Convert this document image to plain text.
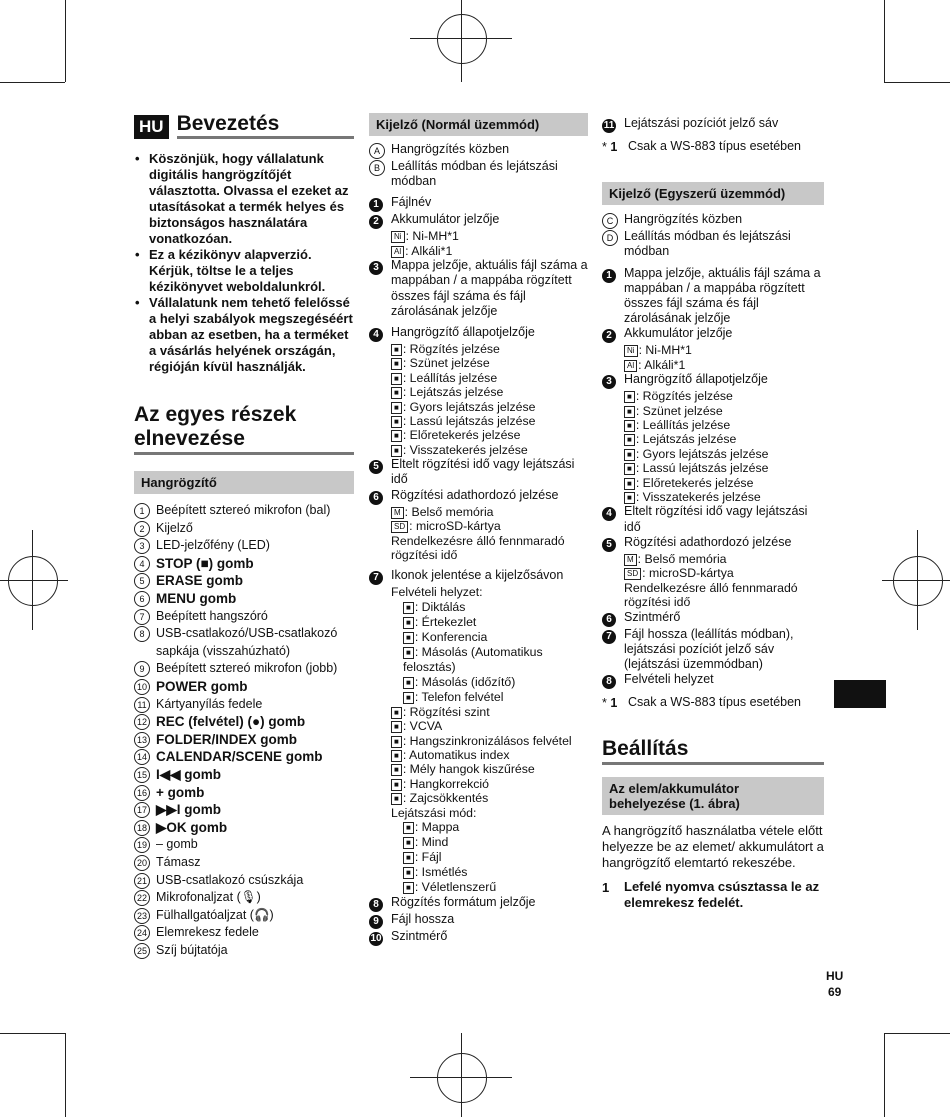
HU Bevezetés
• Köszönjük, hogy vállalatunk digitális hangrögzítőjét választotta. Olvassa el ezeket az utasításokat a termék helyes és biztonságos használatára vonatkozóan.
• Ez a kézikönyv alapverzió. Kérjük, töltse le a teljes kézikönyvet weboldalunkról.
• Vállalatunk nem tehető felelőssé a helyi szabályok megszegéséért abban az esetben, ha a terméket a vásárlás helyének országán, régióján kívül használják.
Az egyes részek elnevezése
Hangrögzítő
1 Beépített sztereó mikrofon (bal)
2 Kijelző
3 LED-jelzőfény (LED)
4 STOP (■) gomb
5 ERASE gomb
6 MENU gomb
7 Beépített hangszóró
8 USB-csatlakozó/USB-csatlakozó sapkája (visszahúzható)
9 Beépített sztereó mikrofon (jobb)
10 POWER gomb
11 Kártyanyílás fedele
12 REC (felvétel) (●) gomb
13 FOLDER/INDEX gomb
14 CALENDAR/SCENE gomb
15 I◀◀ gomb
16 + gomb
17 ▶▶I gomb
18 ▶OK gomb
19 – gomb
20 Támasz
21 USB-csatlakozó csúszkája
22 Mikrofonaljzat (🎙)
23 Fülhallgatóaljzat (🎧)
24 Elemrekesz fedele
25 Szíj bújtatója
Kijelző (Normál üzemmód)
A Hangrögzítés közben
B Leállítás módban és lejátszási módban
1 Fájlnév
2 Akkumulátor jelzője
Ni : Ni-MH*1
Al : Alkáli*1
3 Mappa jelzője, aktuális fájl száma a mappában / a mappába rögzített összes fájl száma és fájl zárolásának jelzője
4 Hangrögzítő állapotjelzője
■ : Rögzítés jelzése
■ : Szünet jelzése
■ : Leállítás jelzése
■ : Lejátszás jelzése
■ : Gyors lejátszás jelzése
■ : Lassú lejátszás jelzése
■ : Előretekerés jelzése
■ : Visszatekerés jelzése
5 Eltelt rögzítési idő vagy lejátszási idő
6 Rögzítési adathordozó jelzése
M : Belső memória
SD : microSD-kártya
Rendelkezésre álló fennmaradó rögzítési idő
7 Ikonok jelentése a kijelzősávon
Felvételi helyzet:
■ : Diktálás
■ : Értekezlet
■ : Konferencia
■ : Másolás (Automatikus felosztás)
■ : Másolás (időzítő)
■ : Telefon felvétel
■ : Rögzítési szint
■ : VCVA
■ : Hangszinkronizálásos felvétel
■ : Automatikus index
■ : Mély hangok kiszűrése
■ : Hangkorrekció
■ : Zajcsökkentés
Lejátszási mód:
■ : Mappa
■ : Mind
■ : Fájl
■ : Ismétlés
■ : Véletlenszerű
8 Rögzítés formátum jelzője
9 Fájl hossza
10 Szintmérő
11 Lejátszási pozíciót jelző sáv
* 1 Csak a WS-883 típus esetében
Kijelző (Egyszerű üzemmód)
C Hangrögzítés közben
D Leállítás módban és lejátszási módban
1 Mappa jelzője, aktuális fájl száma a mappában / a mappába rögzített összes fájl száma és fájl zárolásának jelzője
2 Akkumulátor jelzője
Ni : Ni-MH*1
Al : Alkáli*1
3 Hangrögzítő állapotjelzője
■ : Rögzítés jelzése
■ : Szünet jelzése
■ : Leállítás jelzése
■ : Lejátszás jelzése
■ : Gyors lejátszás jelzése
■ : Lassú lejátszás jelzése
■ : Előretekerés jelzése
■ : Visszatekerés jelzése
4 Eltelt rögzítési idő vagy lejátszási idő
5 Rögzítési adathordozó jelzése
M : Belső memória
SD : microSD-kártya
Rendelkezésre álló fennmaradó rögzítési idő
6 Szintmérő
7 Fájl hossza (leállítás módban), lejátszási pozíciót jelző sáv (lejátszási üzemmódban)
8 Felvételi helyzet
* 1 Csak a WS-883 típus esetében
Beállítás
Az elem/akkumulátor behelyezése (1. ábra)
A hangrögzítő használatba vétele előtt helyezze be az elemet/ akkumulátort a hangrögzítő elemtartó rekeszébe.
1	Lefelé nyomva csúsztassa le az elemrekesz fedelét.
HU
69
